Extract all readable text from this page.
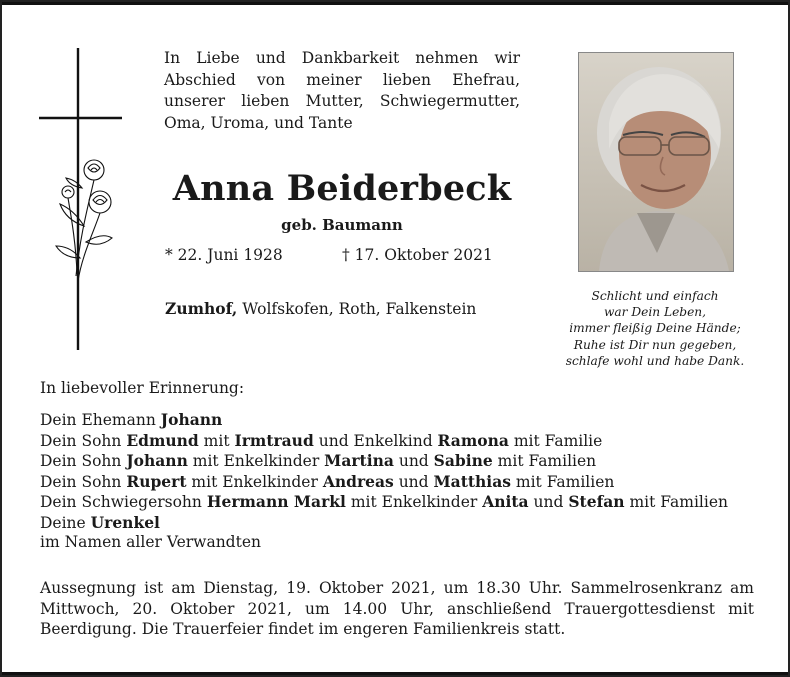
In Liebe und Dankbarkeit nehmen wir Abschied von meiner lieben Ehefrau, unserer lieben Mutter, Schwiegermutter, Oma, Uroma, und Tante
Anna Beiderbeck
geb. Baumann
* 22. Juni 1928	† 17. Oktober 2021
Zumhof, Wolfskofen, Roth, Falkenstein
Schlicht und einfach
war Dein Leben,
immer fleißig Deine Hände;
Ruhe ist Dir nun gegeben,
schlafe wohl und habe Dank.
In liebevoller Erinnerung:
Dein Ehemann Johann
Dein Sohn Edmund mit Irmtraud und Enkelkind Ramona mit Familie
Dein Sohn Johann mit Enkelkinder Martina und Sabine mit Familien
Dein Sohn Rupert mit Enkelkinder Andreas und Matthias mit Familien
Dein Schwiegersohn Hermann Markl mit Enkelkinder Anita und Stefan mit Familien
Deine Urenkel
im Namen aller Verwandten
Aussegnung ist am Dienstag, 19. Oktober 2021, um 18.30 Uhr. Sammelrosenkranz am Mittwoch, 20. Oktober 2021, um 14.00 Uhr, anschließend Trauergottesdienst mit Beerdigung. Die Trauerfeier findet im engeren Familienkreis statt.
